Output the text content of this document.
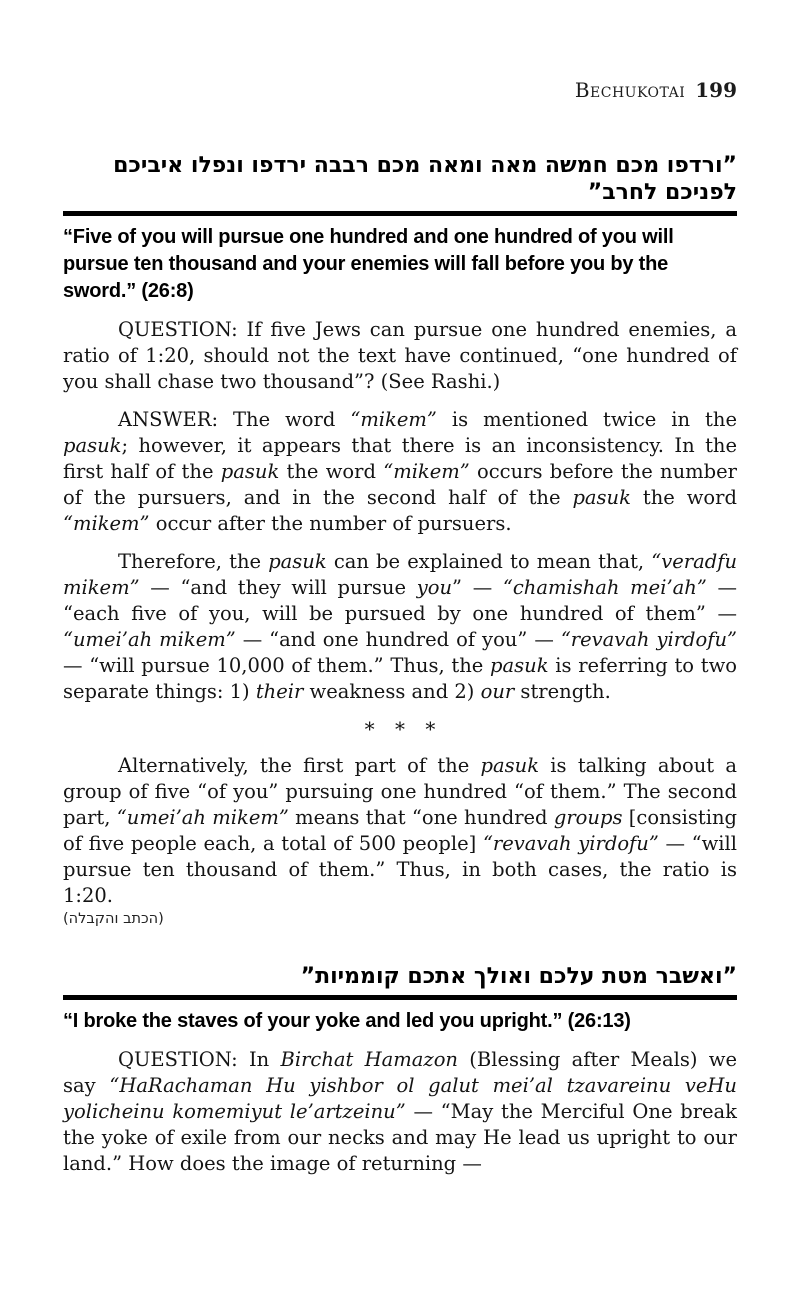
Bechukotai 199
”ורדפו מכם חמשה מאה ומאה מכם רבבה ירדפו ונפלו איביכם
לפניכם לחרב”
“Five of you will pursue one hundred and one hundred of you will pursue ten thousand and your enemies will fall before you by the sword.” (26:8)

QUESTION: If five Jews can pursue one hundred enemies, a ratio of 1:20, should not the text have continued, “one hundred of you shall chase two thousand”? (See Rashi.)

ANSWER: The word “mikem” is mentioned twice in the pasuk; however, it appears that there is an inconsistency. In the first half of the pasuk the word “mikem” occurs before the number of the pursuers, and in the second half of the pasuk the word “mikem” occur after the number of pursuers.

Therefore, the pasuk can be explained to mean that, “veradfu mikem” — “and they will pursue you” — “chamishah mei’ah” — “each five of you, will be pursued by one hundred of them” — “umei’ah mikem” — “and one hundred of you” — “revavah yirdofu” — “will pursue 10,000 of them.” Thus, the pasuk is referring to two separate things: 1) their weakness and 2) our strength.

* * *

Alternatively, the first part of the pasuk is talking about a group of five “of you” pursuing one hundred “of them.” The second part, “umei’ah mikem” means that “one hundred groups [consisting of five people each, a total of 500 people] “revavah yirdofu” — “will pursue ten thousand of them.” Thus, in both cases, the ratio is 1:20.

(הכתב והקבלה)
”ואשבר מטת עלכם ואולך אתכם קוממיות”
“I broke the staves of your yoke and led you upright.” (26:13)

QUESTION: In Birchat Hamazon (Blessing after Meals) we say “HaRachaman Hu yishbor ol galut mei’al tzavareinu veHu yolicheinu komemiyut le’artzeinu” — “May the Merciful One break the yoke of exile from our necks and may He lead us upright to our land.” How does the image of returning —
